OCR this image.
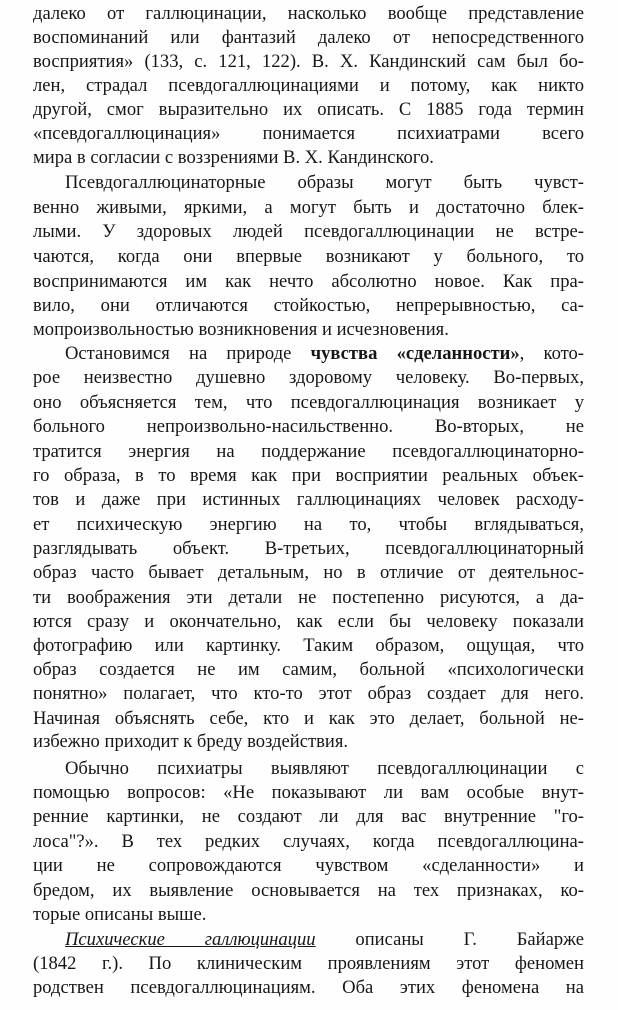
далеко от галлюцинации, насколько вообще представление
воспоминаний или фантазий далеко от непосредственного
восприятия» (133, с. 121, 122). В. Х. Кандинский сам был бо-
лен, страдал псевдогаллюцинациями и потому, как никто
другой, смог выразительно их описать. С 1885 года термин
«псевдогаллюцинация» понимается психиатрами всего
мира в согласии с воззрениями В. Х. Кандинского.
Псевдогаллюцинаторные образы могут быть чувст-
венно живыми, яркими, а могут быть и достаточно блек-
лыми. У здоровых людей псевдогаллюцинации не встре-
чаются, когда они впервые возникают у больного, то
воспринимаются им как нечто абсолютно новое. Как пра-
вило, они отличаются стойкостью, непрерывностью, са-
мопроизвольностью возникновения и исчезновения.
Остановимся на природе чувства «сделанности», кото-
рое неизвестно душевно здоровому человеку. Во-первых,
оно объясняется тем, что псевдогаллюцинация возникает у
больного непроизвольно-насильственно. Во-вторых, не
тратится энергия на поддержание псевдогаллюцинаторно-
го образа, в то время как при восприятии реальных объек-
тов и даже при истинных галлюцинациях человек расходу-
ет психическую энергию на то, чтобы вглядываться,
разглядывать объект. В-третьих, псевдогаллюцинаторный
образ часто бывает детальным, но в отличие от деятельнос-
ти воображения эти детали не постепенно рисуются, а да-
ются сразу и окончательно, как если бы человеку показали
фотографию или картинку. Таким образом, ощущая, что
образ создается не им самим, больной «психологически
понятно» полагает, что кто-то этот образ создает для него.
Начиная объяснять себе, кто и как это делает, больной не-
избежно приходит к бреду воздействия.
Обычно психиатры выявляют псевдогаллюцинации с
помощью вопросов: «Не показывают ли вам особые внут-
ренние картинки, не создают ли для вас внутренние "го-
лоса"?». В тех редких случаях, когда псевдогаллюцина-
ции не сопровождаются чувством «сделанности» и
бредом, их выявление основывается на тех признаках, ко-
торые описаны выше.
Психические галлюцинации описаны Г. Байарже
(1842 г.). По клиническим проявлениям этот феномен
родствен псевдогаллюцинациям. Оба этих феномена на
